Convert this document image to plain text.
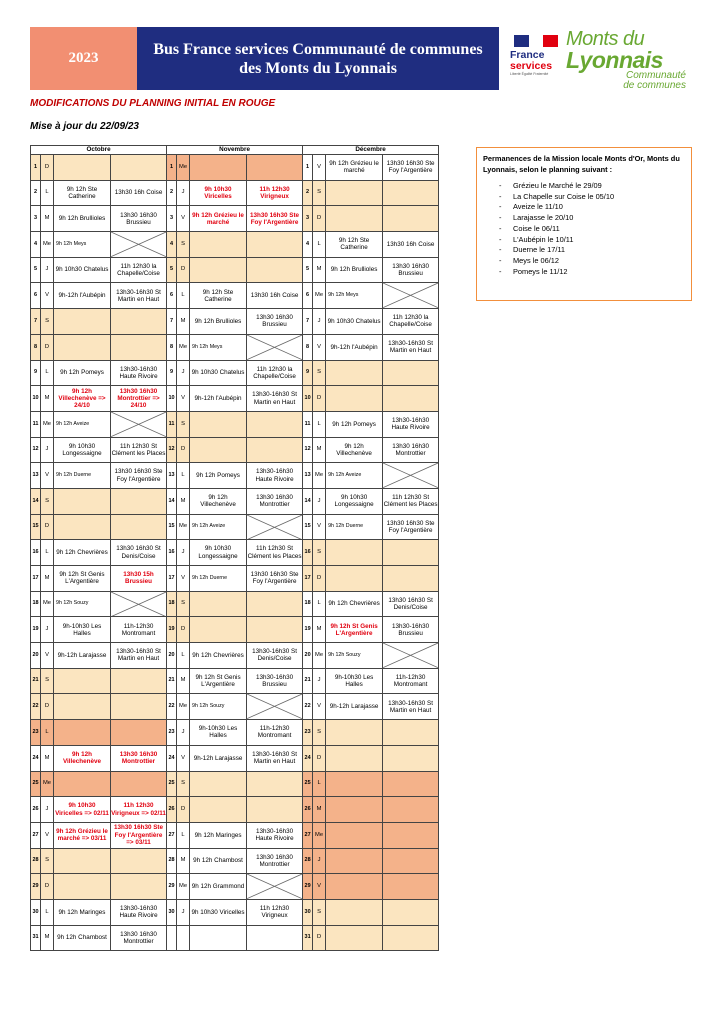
2023
Bus France services Communauté de communes des Monts du Lyonnais
France
services
Liberté Égalité Fraternité
Monts du
Lyonnais
Communauté
de communes
MODIFICATIONS DU PLANNING INITIAL EN ROUGE
Mise à jour du 22/09/23
Octobre				Novembre				Décembre			
1	D			1	Me			1	V	9h 12h Grézieu le marché	13h30 16h30 Ste Foy l'Argentière
2	L	9h 12h Ste Catherine	13h30 16h Coise	2	J	9h 10h30 Viricelles	11h 12h30 Virigneux	2	S		
3	M	9h 12h Brullioles	13h30 16h30 Brussieu	3	V	9h 12h Grézieu le marché	13h30 16h30 Ste Foy l'Argentière	3	D		
4	Me	9h 12h Meys		4	S			4	L	9h 12h Ste Catherine	13h30 16h Coise
5	J	9h 10h30 Chatelus	11h 12h30 la Chapelle/Coise	5	D			5	M	9h 12h Brullioles	13h30 16h30 Brussieu
6	V	9h-12h l'Aubépin	13h30-16h30 St Martin en Haut	6	L	9h 12h Ste Catherine	13h30 16h Coise	6	Me	9h 12h Meys	

7	S			7	M	9h 12h Brullioles	13h30 16h30 Brussieu	7	J	9h 10h30 Chatelus	11h 12h30 la Chapelle/Coise
8	D			8	Me	9h 12h Meys		8	V	9h-12h l'Aubépin	13h30-16h30 St Martin en Haut
9	L	9h 12h Pomeys	13h30-16h30 Haute Rivoire	9	J	9h 10h30 Chatelus	11h 12h30 la Chapelle/Coise	9	S		
10	M	9h 12h Villechenève => 24/10	13h30 16h30 Montrottier => 24/10	10	V	9h-12h l'Aubépin	13h30-16h30 St Martin en Haut	10	D		
11	Me	9h 12h Aveize		11	S			11	L	9h 12h Pomeys	13h30-16h30 Haute Rivoire
12	J	9h 10h30 Longessaigne	11h 12h30 St Clément les Places	12	D			12	M	9h 12h Villechenève	13h30 16h30 Montrottier
13	V	9h 12h Duerne	13h30 16h30 Ste Foy l'Argentière	13	L	9h 12h Pomeys	13h30-16h30 Haute Rivoire	13	Me	9h 12h Aveize	

14	S			14	M	9h 12h Villechenève	13h30 16h30 Montrottier	14	J	9h 10h30 Longessaigne	11h 12h30 St Clément les Places
15	D			15	Me	9h 12h Aveize		15	V	9h 12h Duerne	13h30 16h30 Ste Foy l'Argentière
16	L	9h 12h Chevrières	13h30 16h30 St Denis/Coise	16	J	9h 10h30 Longessaigne	11h 12h30 St Clément les Places	16	S		
17	M	9h 12h St Genis L'Argentière	13h30 15h Brussieu	17	V	9h 12h Duerne	13h30 16h30 Ste Foy l'Argentière	17	D		
18	Me	9h 12h Souzy		18	S			18	L	9h 12h Chevrières	13h30 16h30 St Denis/Coise
19	J	9h-10h30 Les Halles	11h-12h30 Montromant	19	D			19	M	9h 12h St Genis L'Argentière	13h30-16h30 Brussieu
20	V	9h-12h Larajasse	13h30-16h30 St Martin en Haut	20	L	9h 12h Chevrières	13h30-16h30 St Denis/Coise	20	Me	9h 12h Souzy	

21	S			21	M	9h 12h St Genis L'Argentière	13h30-16h30 Brussieu	21	J	9h-10h30 Les Halles	11h-12h30 Montromant
22	D			22	Me	9h 12h Souzy		22	V	9h-12h Larajasse	13h30-16h30 St Martin en Haut
23	L			23	J	9h-10h30 Les Halles	11h-12h30 Montromant	23	S		
24	M	9h 12h Villechenève	13h30 16h30 Montrottier	24	V	9h-12h Larajasse	13h30-16h30 St Martin en Haut	24	D		
25	Me			25	S			25	L		
26	J	9h 10h30 Viricelles => 02/11	11h 12h30 Virigneux => 02/11	26	D			26	M		
27	V	9h 12h Grézieu le marché => 03/11	13h30 16h30 Ste Foy l'Argentière => 03/11	27	L	9h 12h Maringes	13h30-16h30 Haute Rivoire	27	Me		
28	S			28	M	9h 12h Chambost	13h30 16h30 Montrottier	28	J		
29	D			29	Me	9h 12h Grammond		29	V		
30	L	9h 12h Maringes	13h30-16h30 Haute Rivoire	30	J	9h 10h30 Viricelles	11h 12h30 Virigneux	30	S		
31	M	9h 12h Chambost	13h30 16h30 Montrottier					31	D		
Permanences de la Mission locale Monts d'Or, Monts du Lyonnais, selon le planning suivant :
- Grézieu le Marché le 29/09
- La Chapelle sur Coise le 05/10
- Aveize le 11/10
- Larajasse le 20/10
- Coise le 06/11
- L'Aubépin le 10/11
- Duerne le 17/11
- Meys le 06/12
- Pomeys le 11/12
